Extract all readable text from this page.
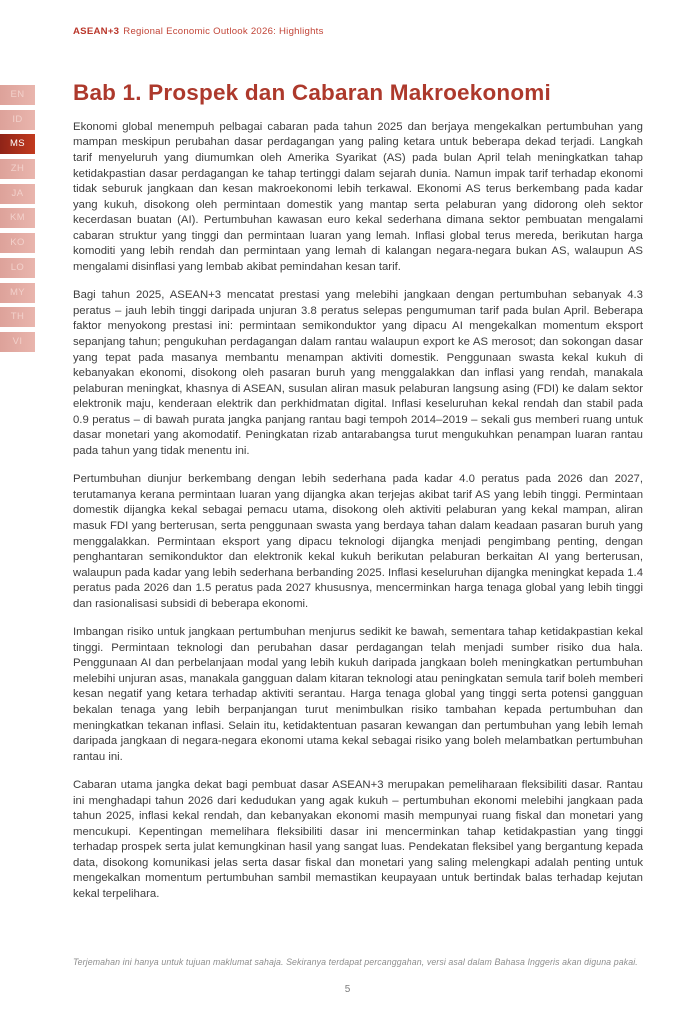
ASEAN+3 Regional Economic Outlook 2026: Highlights
EN
ID
MS
ZH
JA
KM
KO
LO
MY
TH
VI
Bab 1. Prospek dan Cabaran Makroekonomi

Ekonomi global menempuh pelbagai cabaran pada tahun 2025 dan berjaya mengekalkan pertumbuhan yang mampan meskipun perubahan dasar perdagangan yang paling ketara untuk beberapa dekad terjadi. Langkah tarif menyeluruh yang diumumkan oleh Amerika Syarikat (AS) pada bulan April telah meningkatkan tahap ketidakpastian dasar perdagangan ke tahap tertinggi dalam sejarah dunia. Namun impak tarif terhadap ekonomi tidak seburuk jangkaan dan kesan makroekonomi lebih terkawal. Ekonomi AS terus berkembang pada kadar yang kukuh, disokong oleh permintaan domestik yang mantap serta pelaburan yang didorong oleh sektor kecerdasan buatan (AI). Pertumbuhan kawasan euro kekal sederhana dimana sektor pembuatan mengalami cabaran struktur yang tinggi dan permintaan luaran yang lemah. Inflasi global terus mereda, berikutan harga komoditi yang lebih rendah dan permintaan yang lemah di kalangan negara-negara bukan AS, walaupun AS mengalami disinflasi yang lembab akibat pemindahan kesan tarif.

Bagi tahun 2025, ASEAN+3 mencatat prestasi yang melebihi jangkaan dengan pertumbuhan sebanyak 4.3 peratus – jauh lebih tinggi daripada unjuran 3.8 peratus selepas pengumuman tarif pada bulan April. Beberapa faktor menyokong prestasi ini: permintaan semikonduktor yang dipacu AI mengekalkan momentum eksport sepanjang tahun; pengukuhan perdagangan dalam rantau walaupun export ke AS merosot; dan sokongan dasar yang tepat pada masanya membantu menampan aktiviti domestik. Penggunaan swasta kekal kukuh di kebanyakan ekonomi, disokong oleh pasaran buruh yang menggalakkan dan inflasi yang rendah, manakala pelaburan meningkat, khasnya di ASEAN, susulan aliran masuk pelaburan langsung asing (FDI) ke dalam sektor elektronik maju, kenderaan elektrik dan perkhidmatan digital. Inflasi keseluruhan kekal rendah dan stabil pada 0.9 peratus – di bawah purata jangka panjang rantau bagi tempoh 2014–2019 – sekali gus memberi ruang untuk dasar monetari yang akomodatif. Peningkatan rizab antarabangsa turut mengukuhkan penampan luaran rantau pada tahun yang tidak menentu ini.

Pertumbuhan diunjur berkembang dengan lebih sederhana pada kadar 4.0 peratus pada 2026 dan 2027, terutamanya kerana permintaan luaran yang dijangka akan terjejas akibat tarif AS yang lebih tinggi. Permintaan domestik dijangka kekal sebagai pemacu utama, disokong oleh aktiviti pelaburan yang kekal mampan, aliran masuk FDI yang berterusan, serta penggunaan swasta yang berdaya tahan dalam keadaan pasaran buruh yang menggalakkan. Permintaan eksport yang dipacu teknologi dijangka menjadi pengimbang penting, dengan penghantaran semikonduktor dan elektronik kekal kukuh berikutan pelaburan berkaitan AI yang berterusan, walaupun pada kadar yang lebih sederhana berbanding 2025. Inflasi keseluruhan dijangka meningkat kepada 1.4 peratus pada 2026 dan 1.5 peratus pada 2027 khususnya, mencerminkan harga tenaga global yang lebih tinggi dan rasionalisasi subsidi di beberapa ekonomi.

Imbangan risiko untuk jangkaan pertumbuhan menjurus sedikit ke bawah, sementara tahap ketidakpastian kekal tinggi. Permintaan teknologi dan perubahan dasar perdagangan telah menjadi sumber risiko dua hala. Penggunaan AI dan perbelanjaan modal yang lebih kukuh daripada jangkaan boleh meningkatkan pertumbuhan melebihi unjuran asas, manakala gangguan dalam kitaran teknologi atau peningkatan semula tarif boleh memberi kesan negatif yang ketara terhadap aktiviti serantau. Harga tenaga global yang tinggi serta potensi gangguan bekalan tenaga yang lebih berpanjangan turut menimbulkan risiko tambahan kepada pertumbuhan dan meningkatkan tekanan inflasi. Selain itu, ketidaktentuan pasaran kewangan dan pertumbuhan yang lebih lemah daripada jangkaan di negara-negara ekonomi utama kekal sebagai risiko yang boleh melambatkan pertumbuhan rantau ini.

Cabaran utama jangka dekat bagi pembuat dasar ASEAN+3 merupakan pemeliharaan fleksibiliti dasar. Rantau ini menghadapi tahun 2026 dari kedudukan yang agak kukuh – pertumbuhan ekonomi melebihi jangkaan pada tahun 2025, inflasi kekal rendah, dan kebanyakan ekonomi masih mempunyai ruang fiskal dan monetari yang mencukupi. Kepentingan memelihara fleksibiliti dasar ini mencerminkan tahap ketidakpastian yang tinggi terhadap prospek serta julat kemungkinan hasil yang sangat luas. Pendekatan fleksibel yang bergantung kepada data, disokong komunikasi jelas serta dasar fiskal dan monetari yang saling melengkapi adalah penting untuk mengekalkan momentum pertumbuhan sambil memastikan keupayaan untuk bertindak balas terhadap kejutan kekal terpelihara.

Terjemahan ini hanya untuk tujuan maklumat sahaja. Sekiranya terdapat percanggahan, versi asal dalam Bahasa Inggeris akan diguna pakai.
5
